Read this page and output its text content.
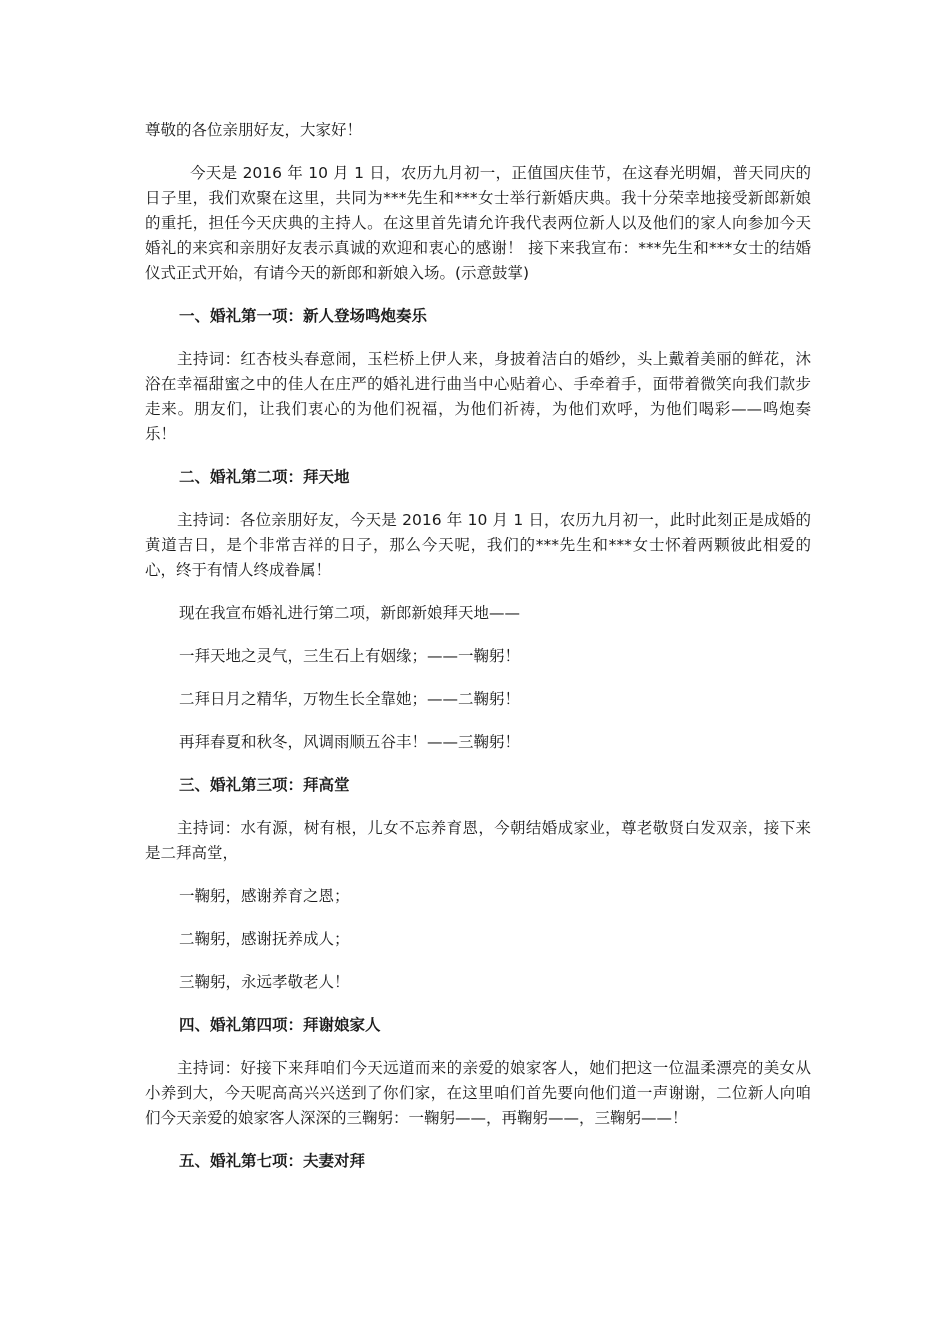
尊敬的各位亲朋好友，大家好！

今天是 2016 年 10 月 1 日，农历九月初一，正值国庆佳节，在这春光明媚，普天同庆的日子里，我们欢聚在这里，共同为***先生和***女士举行新婚庆典。我十分荣幸地接受新郎新娘的重托，担任今天庆典的主持人。在这里首先请允许我代表两位新人以及他们的家人向参加今天婚礼的来宾和亲朋好友表示真诚的欢迎和衷心的感谢！ 接下来我宣布：***先生和***女士的结婚仪式正式开始，有请今天的新郎和新娘入场。(示意鼓掌)

一、婚礼第一项：新人登场鸣炮奏乐

主持词：红杏枝头春意闹，玉栏桥上伊人来，身披着洁白的婚纱，头上戴着美丽的鲜花，沐浴在幸福甜蜜之中的佳人在庄严的婚礼进行曲当中心贴着心、手牵着手，面带着微笑向我们款步走来。朋友们，让我们衷心的为他们祝福，为他们祈祷，为他们欢呼，为他们喝彩——鸣炮奏乐！

二、婚礼第二项：拜天地

主持词：各位亲朋好友，今天是 2016 年 10 月 1 日，农历九月初一，此时此刻正是成婚的黄道吉日，是个非常吉祥的日子，那么今天呢，我们的***先生和***女士怀着两颗彼此相爱的心，终于有情人终成眷属！

现在我宣布婚礼进行第二项，新郎新娘拜天地——

一拜天地之灵气，三生石上有姻缘；——一鞠躬！

二拜日月之精华，万物生长全靠她；——二鞠躬！

再拜春夏和秋冬，风调雨顺五谷丰！——三鞠躬！

三、婚礼第三项：拜高堂

主持词：水有源，树有根，儿女不忘养育恩，今朝结婚成家业，尊老敬贤白发双亲，接下来是二拜高堂，

一鞠躬，感谢养育之恩；

二鞠躬，感谢抚养成人；

三鞠躬，永远孝敬老人！

四、婚礼第四项：拜谢娘家人

主持词：好接下来拜咱们今天远道而来的亲爱的娘家客人，她们把这一位温柔漂亮的美女从小养到大，今天呢高高兴兴送到了你们家，在这里咱们首先要向他们道一声谢谢，二位新人向咱们今天亲爱的娘家客人深深的三鞠躬：一鞠躬——，再鞠躬——，三鞠躬——！

五、婚礼第七项：夫妻对拜
